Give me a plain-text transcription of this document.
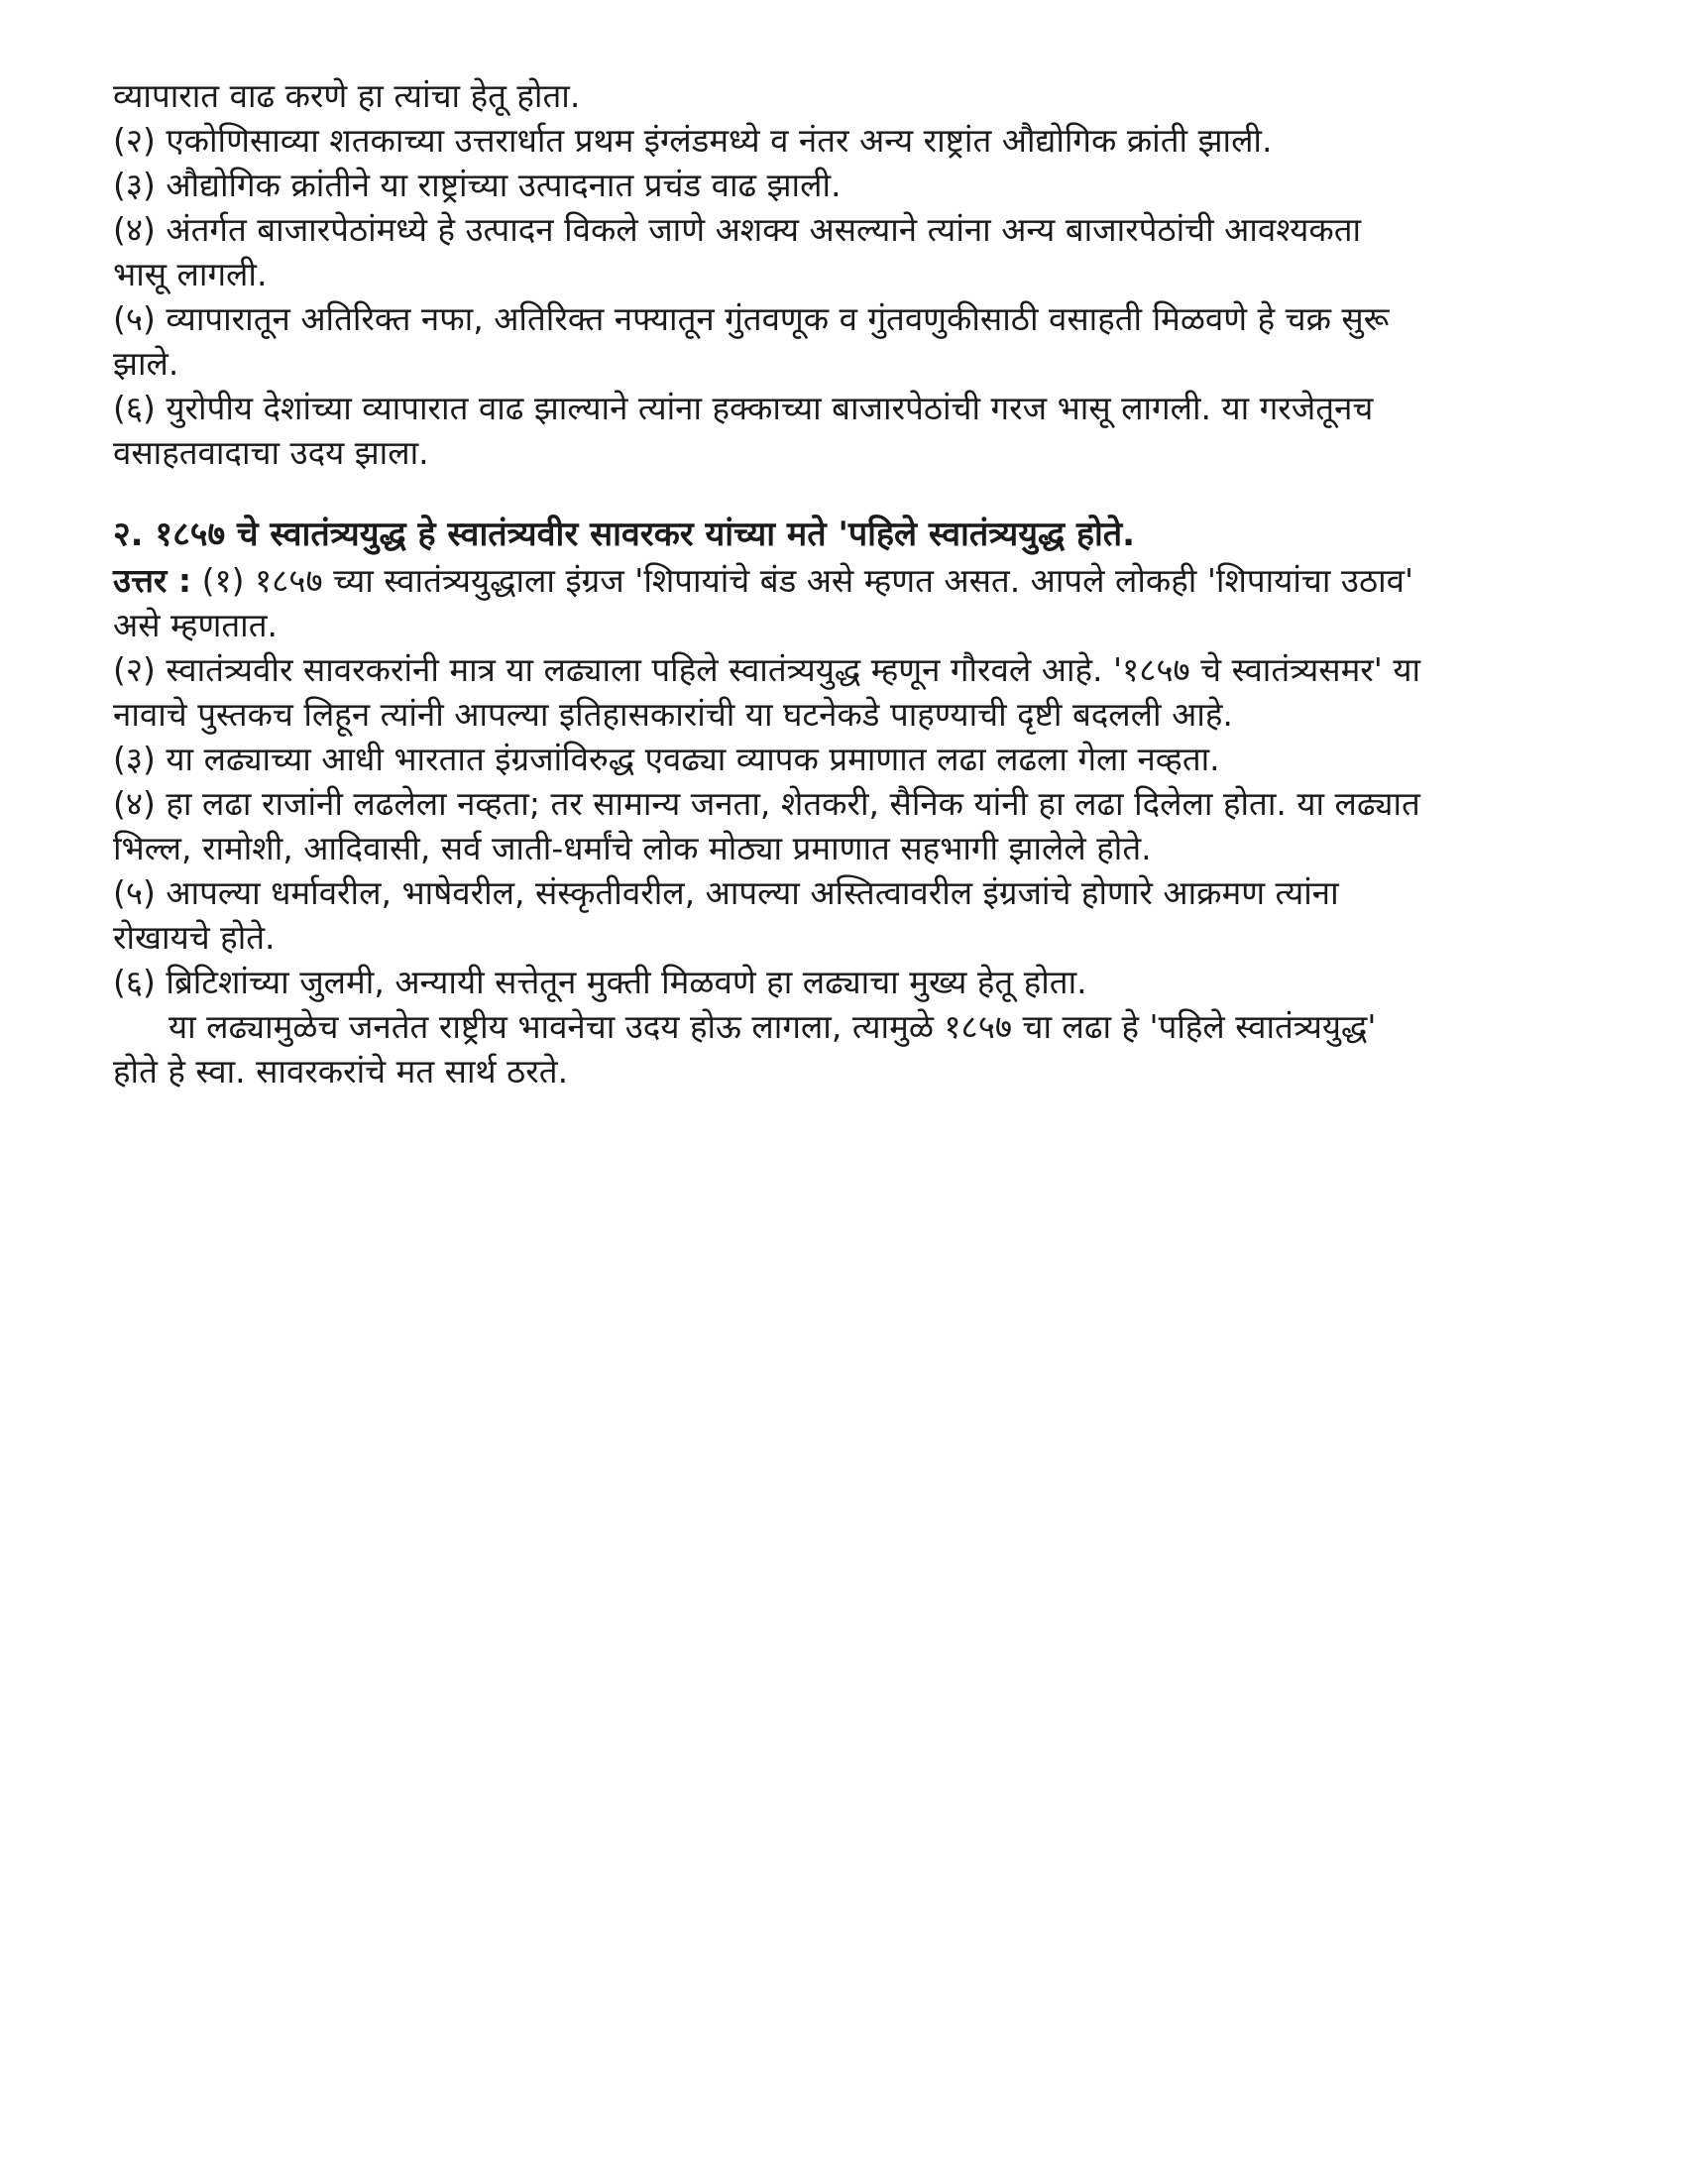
व्यापारात वाढ करणे हा त्यांचा हेतू होता.
(२) एकोणिसाव्या शतकाच्या उत्तरार्धात प्रथम इंग्लंडमध्ये व नंतर अन्य राष्ट्रांत औद्योगिक क्रांती झाली.
(३) औद्योगिक क्रांतीने या राष्ट्रांच्या उत्पादनात प्रचंड वाढ झाली.
(४) अंतर्गत बाजारपेठांमध्ये हे उत्पादन विकले जाणे अशक्य असल्याने त्यांना अन्य बाजारपेठांची आवश्यकता
भासू लागली.
(५) व्यापारातून अतिरिक्त नफा, अतिरिक्त नफ्यातून गुंतवणूक व गुंतवणुकीसाठी वसाहती मिळवणे हे चक्र सुरू
झाले.
(६) युरोपीय देशांच्या व्यापारात वाढ झाल्याने त्यांना हक्काच्या बाजारपेठांची गरज भासू लागली. या गरजेतूनच
वसाहतवादाचा उदय झाला.
२. १८५७ चे स्वातंत्र्ययुद्ध हे स्वातंत्र्यवीर सावरकर यांच्या मते 'पहिले स्वातंत्र्ययुद्ध होते.
उत्तर : (१) १८५७ च्या स्वातंत्र्ययुद्धाला इंग्रज 'शिपायांचे बंड असे म्हणत असत. आपले लोकही 'शिपायांचा उठाव'
असे म्हणतात.
(२) स्वातंत्र्यवीर सावरकरांनी मात्र या लढ्याला पहिले स्वातंत्र्ययुद्ध म्हणून गौरवले आहे. '१८५७ चे स्वातंत्र्यसमर' या
नावाचे पुस्तकच लिहून त्यांनी आपल्या इतिहासकारांची या घटनेकडे पाहण्याची दृष्टी बदलली आहे.
(३) या लढ्याच्या आधी भारतात इंग्रजांविरुद्ध एवढ्या व्यापक प्रमाणात लढा लढला गेला नव्हता.
(४) हा लढा राजांनी लढलेला नव्हता; तर सामान्य जनता, शेतकरी, सैनिक यांनी हा लढा दिलेला होता. या लढ्यात
भिल्ल, रामोशी, आदिवासी, सर्व जाती-धर्मांचे लोक मोठ्या प्रमाणात सहभागी झालेले होते.
(५) आपल्या धर्मावरील, भाषेवरील, संस्कृतीवरील, आपल्या अस्तित्वावरील इंग्रजांचे होणारे आक्रमण त्यांना
रोखायचे होते.
(६) ब्रिटिशांच्या जुलमी, अन्यायी सत्तेतून मुक्ती मिळवणे हा लढ्याचा मुख्य हेतू होता.
या लढ्यामुळेच जनतेत राष्ट्रीय भावनेचा उदय होऊ लागला, त्यामुळे १८५७ चा लढा हे 'पहिले स्वातंत्र्ययुद्ध'
होते हे स्वा. सावरकरांचे मत सार्थ ठरते.
